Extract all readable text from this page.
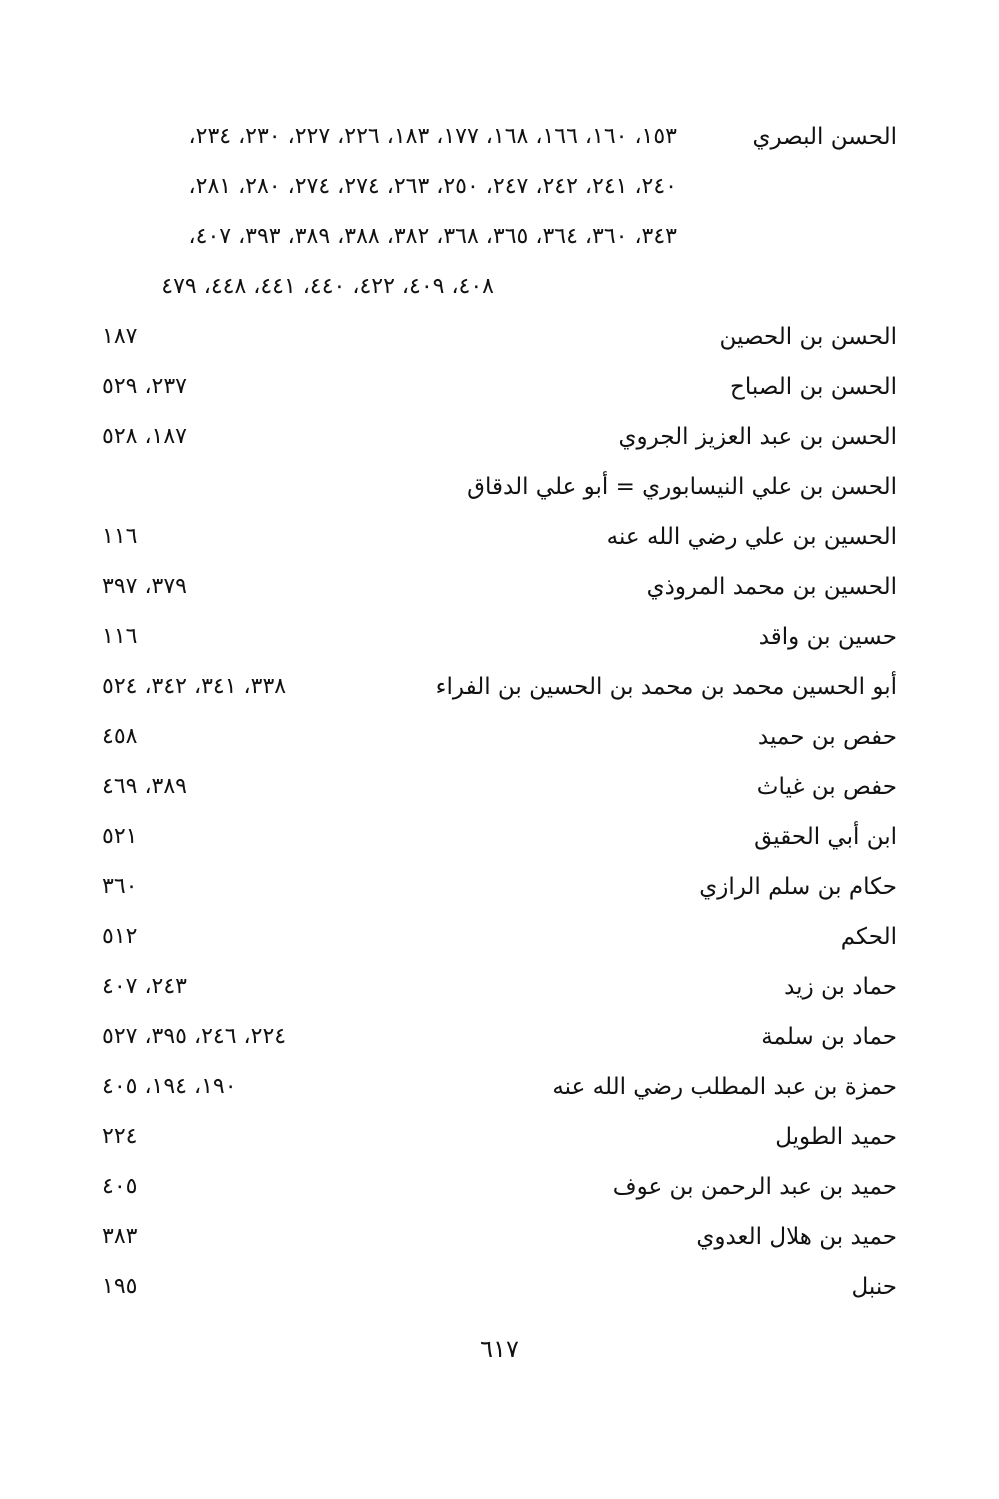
الحسن البصري
١٥٣، ١٦٠، ١٦٦، ١٦٨، ١٧٧، ١٨٣، ٢٢٦، ٢٢٧، ٢٣٠، ٢٣٤،
٢٤٠، ٢٤١، ٢٤٢، ٢٤٧، ٢٥٠، ٢٦٣، ٢٧٤، ٢٧٤، ٢٨٠، ٢٨١،
٣٤٣، ٣٦٠، ٣٦٤، ٣٦٥، ٣٦٨، ٣٨٢، ٣٨٨، ٣٨٩، ٣٩٣، ٤٠٧،
٤٠٨، ٤٠٩، ٤٢٢، ٤٤٠، ٤٤١، ٤٤٨، ٤٧٩
الحسن بن الحصين
١٨٧
الحسن بن الصباح
٢٣٧، ٥٢٩
الحسن بن عبد العزيز الجروي
١٨٧، ٥٢٨
الحسن بن علي النيسابوري = أبو علي الدقاق
الحسين بن علي رضي الله عنه
١١٦
الحسين بن محمد المروذي
٣٧٩، ٣٩٧
حسين بن واقد
١١٦
أبو الحسين محمد بن محمد بن الحسين بن الفراء
٣٣٨، ٣٤١، ٣٤٢، ٥٢٤
حفص بن حميد
٤٥٨
حفص بن غياث
٣٨٩، ٤٦٩
ابن أبي الحقيق
٥٢١
حكام بن سلم الرازي
٣٦٠
الحكم
٥١٢
حماد بن زيد
٢٤٣، ٤٠٧
حماد بن سلمة
٢٢٤، ٢٤٦، ٣٩٥، ٥٢٧
حمزة بن عبد المطلب رضي الله عنه
١٩٠، ١٩٤، ٤٠٥
حميد الطويل
٢٢٤
حميد بن عبد الرحمن بن عوف
٤٠٥
حميد بن هلال العدوي
٣٨٣
حنبل
١٩٥
٦١٧
